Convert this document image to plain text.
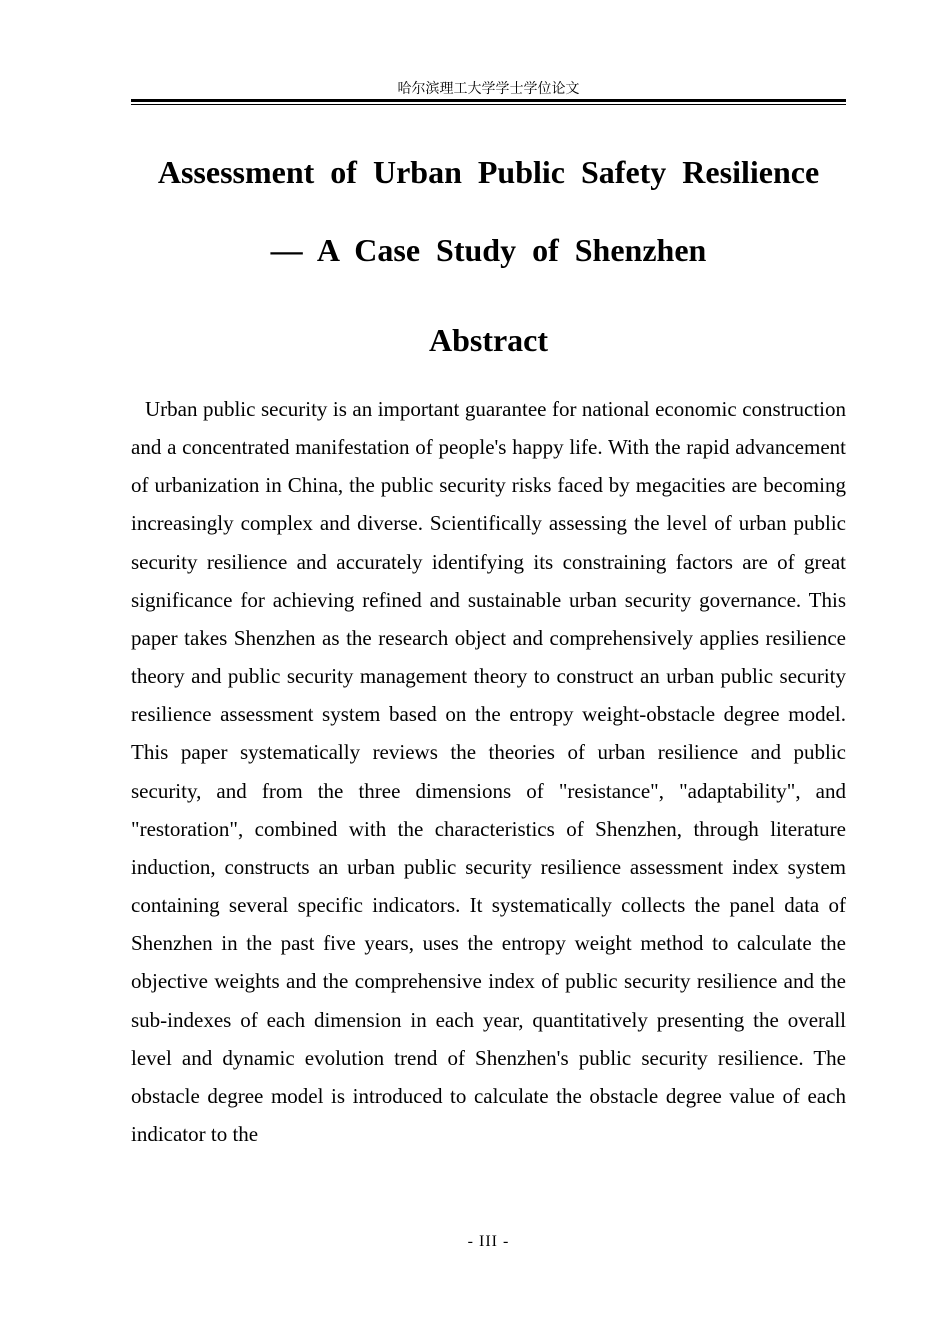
哈尔滨理工大学学士学位论文
Assessment of Urban Public Safety Resilience
— A Case Study of Shenzhen
Abstract

Urban public security is an important guarantee for national economic construction and a concentrated manifestation of people's happy life. With the rapid advancement of urbanization in China, the public security risks faced by megacities are becoming increasingly complex and diverse. Scientifically assessing the level of urban public security resilience and accurately identifying its constraining factors are of great significance for achieving refined and sustainable urban security governance. This paper takes Shenzhen as the research object and comprehensively applies resilience theory and public security management theory to construct an urban public security resilience assessment system based on the entropy weight-obstacle degree model. This paper systematically reviews the theories of urban resilience and public security, and from the three dimensions of "resistance", "adaptability", and "restoration", combined with the characteristics of Shenzhen, through literature induction, constructs an urban public security resilience assessment index system containing several specific indicators. It systematically collects the panel data of Shenzhen in the past five years, uses the entropy weight method to calculate the objective weights and the comprehensive index of public security resilience and the sub-indexes of each dimension in each year, quantitatively presenting the overall level and dynamic evolution trend of Shenzhen's public security resilience. The obstacle degree model is introduced to calculate the obstacle degree value of each indicator to the

- III -
